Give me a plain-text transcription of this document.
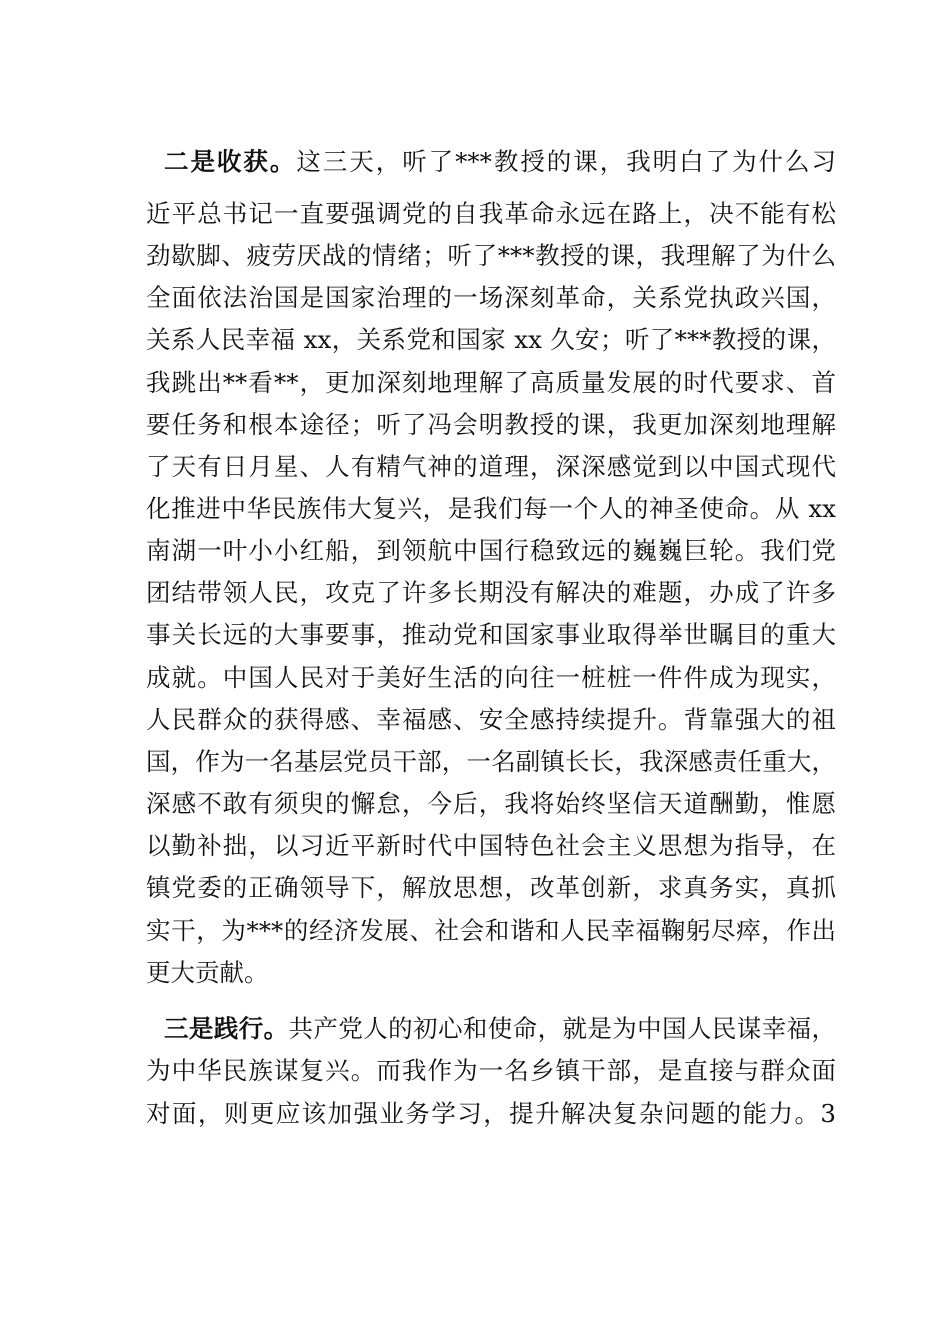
二是收获。这三天，听了***教授的课，我明白了为什么习
近平总书记一直要强调党的自我革命永远在路上，决不能有松
劲歇脚、疲劳厌战的情绪；听了***教授的课，我理解了为什么
全面依法治国是国家治理的一场深刻革命，关系党执政兴国，
关系人民幸福 xx，关系党和国家 xx 久安；听了***教授的课，
我跳出**看**，更加深刻地理解了高质量发展的时代要求、首
要任务和根本途径；听了冯会明教授的课，我更加深刻地理解
了天有日月星、人有精气神的道理，深深感觉到以中国式现代
化推进中华民族伟大复兴，是我们每一个人的神圣使命。从 xx
南湖一叶小小红船，到领航中国行稳致远的巍巍巨轮。我们党
团结带领人民，攻克了许多长期没有解决的难题，办成了许多
事关长远的大事要事，推动党和国家事业取得举世瞩目的重大
成就。中国人民对于美好生活的向往一桩桩一件件成为现实，
人民群众的获得感、幸福感、安全感持续提升。背靠强大的祖
国，作为一名基层党员干部，一名副镇长长，我深感责任重大，
深感不敢有须臾的懈怠，今后，我将始终坚信天道酬勤，惟愿
以勤补拙，以习近平新时代中国特色社会主义思想为指导，在
镇党委的正确领导下，解放思想，改革创新，求真务实，真抓
实干，为***的经济发展、社会和谐和人民幸福鞠躬尽瘁，作出
更大贡献。
三是践行。共产党人的初心和使命，就是为中国人民谋幸福，
为中华民族谋复兴。而我作为一名乡镇干部，是直接与群众面
对面，则更应该加强业务学习，提升解决复杂问题的能力。3
